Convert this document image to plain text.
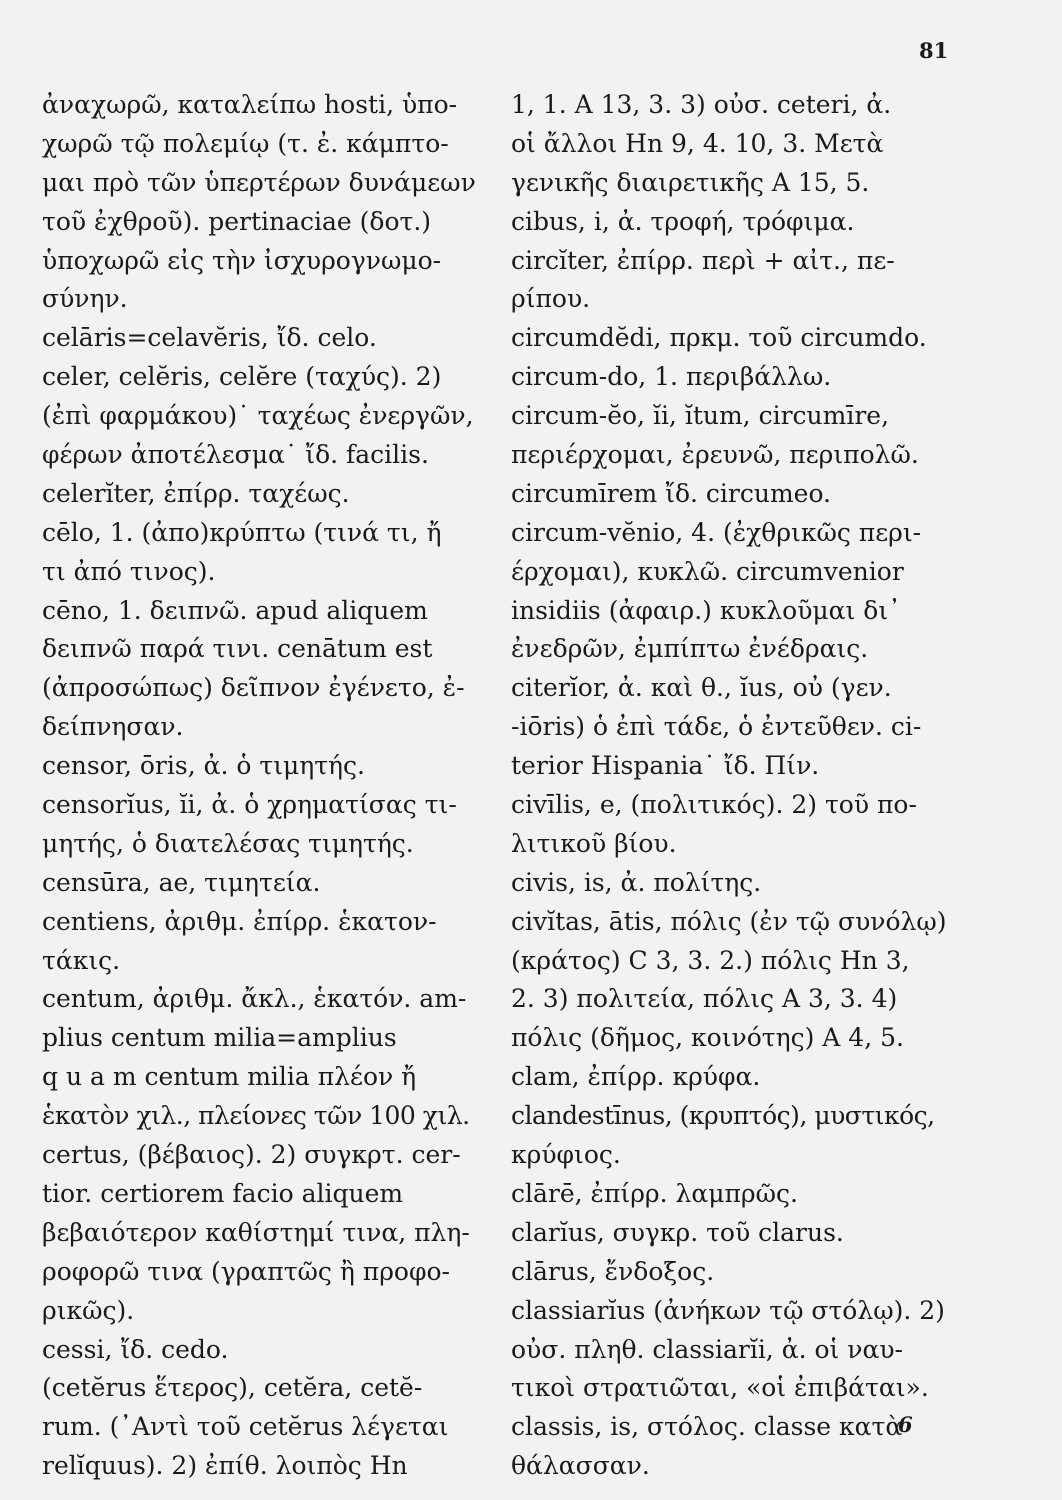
81
ἀναχωρῶ, καταλείπω hosti, ὑπο-
χωρῶ τῷ πολεμίῳ (τ. ἐ. κάμπτο-
μαι πρὸ τῶν ὑπερτέρων δυνάμεων
τοῦ ἐχθροῦ). pertinaciae (δοτ.)
ὑποχωρῶ εἰς τὴν ἰσχυρογνωμο-
σύνην.
celāris=celavĕris, ἴδ. celo.
celer, celĕris, celĕre (ταχύς). 2)
(ἐπὶ φαρμάκου)˙ ταχέως ἐνεργῶν,
φέρων ἀποτέλεσμα˙ ἴδ. facilis.
celerĭter, ἐπίρρ. ταχέως.
cēlo, 1. (ἀπο)κρύπτω (τινά τι, ἤ
τι ἀπό τινος).
cēno, 1. δειπνῶ. apud aliquem
δειπνῶ παρά τινι. cenātum est
(ἀπροσώπως) δεῖπνον ἐγένετο, ἐ-
δείπνησαν.
censor, ōris, ἀ. ὁ τιμητής.
censorĭus, ĭi, ἀ. ὁ χρηματίσας τι-
μητής, ὁ διατελέσας τιμητής.
censūra, ae, τιμητεία.
centiens, ἀριθμ. ἐπίρρ. ἑκατον-
τάκις.
centum, ἀριθμ. ἄκλ., ἑκατόν. am-
plius centum milia=amplius
q u a m centum milia πλέον ἤ
ἑκατὸν χιλ., πλείονες τῶν 100 χιλ.
certus, (βέβαιος). 2) συγκρτ. cer-
tior. certiorem facio aliquem
βεβαιότερον καθίστημί τινα, πλη-
ροφορῶ τινα (γραπτῶς ἢ προφο-
ρικῶς).
cessi, ἴδ. cedo.
(cetĕrus ἕτερος), cetĕra, cetĕ-
rum. (᾿Αντὶ τοῦ cetĕrus λέγεται
relĭquus). 2) ἐπίθ. λοιπὸς Hn
1, 1. A 13, 3. 3) οὐσ. ceteri, ἀ.
οἱ ἄλλοι Hn 9, 4. 10, 3. Μετὰ
γενικῆς διαιρετικῆς A 15, 5.
cibus, i, ἀ. τροφή, τρόφιμα.
circĭter, ἐπίρρ. περὶ + αἰτ., πε-
ρίπου.
circumdĕdi, πρκμ. τοῦ circumdo.
circum-do, 1. περιβάλλω.
circum-ĕo, ĭi, ĭtum, circumīre,
περιέρχομαι, ἐρευνῶ, περιπολῶ.
circumīrem ἴδ. circumeo.
circum-vĕnio, 4. (ἐχθρικῶς περι-
έρχομαι), κυκλῶ. circumvenior
insidiis (ἀφαιρ.) κυκλοῦμαι δι᾿
ἐνεδρῶν, ἐμπίπτω ἐνέδραις.
citerĭor, ἀ. καὶ θ., ĭus, οὐ (γεν.
-iōris) ὁ ἐπὶ τάδε, ὁ ἐντεῦθεν. ci-
terior Hispania˙ ἴδ. Πίν.
civīlis, e, (πολιτικός). 2) τοῦ πο-
λιτικοῦ βίου.
civis, is, ἀ. πολίτης.
civĭtas, ātis, πόλις (ἐν τῷ συνόλῳ)
(κράτος) C 3, 3. 2.) πόλις Hn 3,
2. 3) πολιτεία, πόλις A 3, 3. 4)
πόλις (δῆμος, κοινότης) A 4, 5.
clam, ἐπίρρ. κρύφα.
clandestīnus, (κρυπτός), μυστικός,
κρύφιος.
clārē, ἐπίρρ. λαμπρῶς.
clarĭus, συγκρ. τοῦ clarus.
clārus, ἔνδοξος.
classiarĭus (ἀνήκων τῷ στόλῳ). 2)
οὐσ. πληθ. classiarĭi, ἀ. οἱ ναυ-
τικοὶ στρατιῶται, «οἱ ἐπιβάται».
classis, is, στόλος. classe κατὰ
θάλασσαν.
6
